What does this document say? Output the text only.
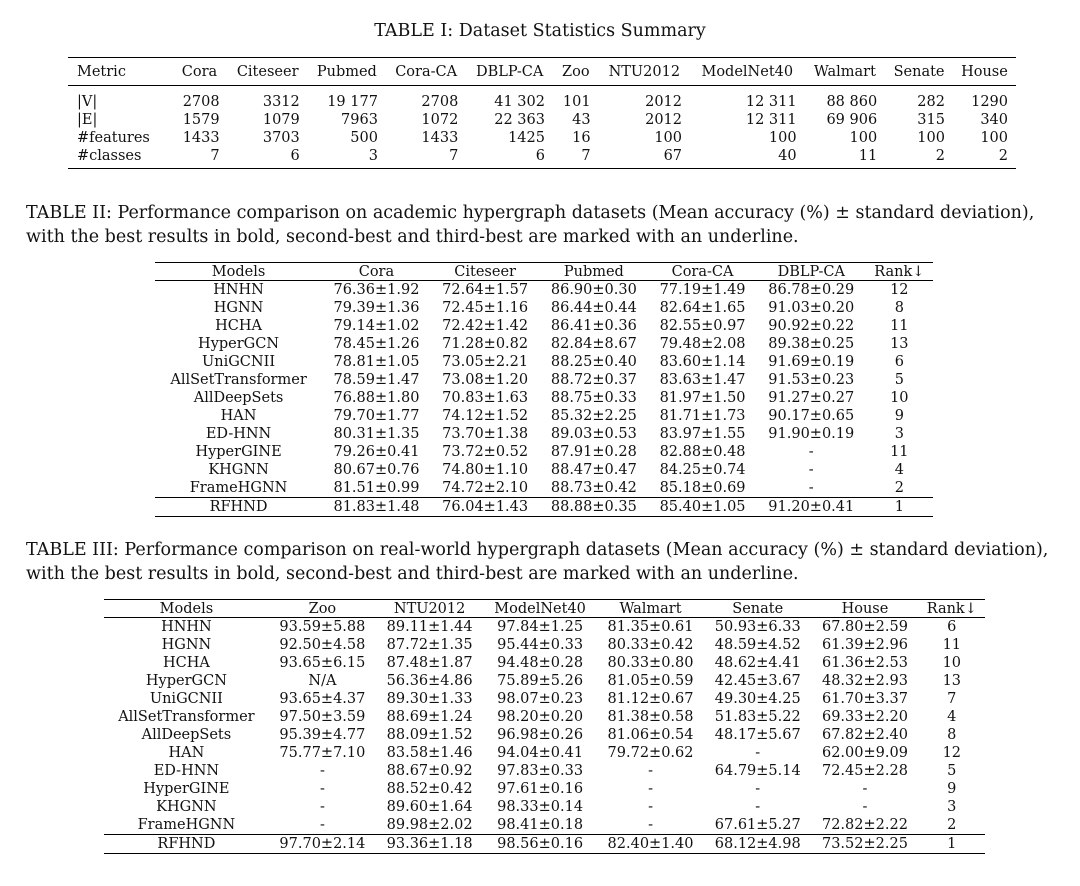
TABLE I: Dataset Statistics Summary
Metric	Cora	Citeseer	Pubmed	Cora-CA	DBLP-CA	Zoo	NTU2012	ModelNet40	Walmart	Senate	House
|V|	2708	3312	19 177	2708	41 302	101	2012	12 311	88 860	282	1290
|E|	1579	1079	7963	1072	22 363	43	2012	12 311	69 906	315	340
#features	1433	3703	500	1433	1425	16	100	100	100	100	100
#classes	7	6	3	7	6	7	67	40	11	2	2
TABLE II: Performance comparison on academic hypergraph datasets (Mean accuracy (%) ± standard deviation),
with the best results in bold, second-best and third-best are marked with an underline.
Models	Cora	Citeseer	Pubmed	Cora-CA	DBLP-CA	Rank↓
HNHN	76.36±1.92	72.64±1.57	86.90±0.30	77.19±1.49	86.78±0.29	12
HGNN	79.39±1.36	72.45±1.16	86.44±0.44	82.64±1.65	91.03±0.20	8
HCHA	79.14±1.02	72.42±1.42	86.41±0.36	82.55±0.97	90.92±0.22	11
HyperGCN	78.45±1.26	71.28±0.82	82.84±8.67	79.48±2.08	89.38±0.25	13
UniGCNII	78.81±1.05	73.05±2.21	88.25±0.40	83.60±1.14	91.69±0.19	6
AllSetTransformer	78.59±1.47	73.08±1.20	88.72±0.37	83.63±1.47	91.53±0.23	5
AllDeepSets	76.88±1.80	70.83±1.63	88.75±0.33	81.97±1.50	91.27±0.27	10
HAN	79.70±1.77	74.12±1.52	85.32±2.25	81.71±1.73	90.17±0.65	9
ED-HNN	80.31±1.35	73.70±1.38	89.03±0.53	83.97±1.55	91.90±0.19	3
HyperGINE	79.26±0.41	73.72±0.52	87.91±0.28	82.88±0.48	-	11
KHGNN	80.67±0.76	74.80±1.10	88.47±0.47	84.25±0.74	-	4
FrameHGNN	81.51±0.99	74.72±2.10	88.73±0.42	85.18±0.69	-	2
RFHND	81.83±1.48	76.04±1.43	88.88±0.35	85.40±1.05	91.20±0.41	1
TABLE III: Performance comparison on real-world hypergraph datasets (Mean accuracy (%) ± standard deviation),
with the best results in bold, second-best and third-best are marked with an underline.
Models	Zoo	NTU2012	ModelNet40	Walmart	Senate	House	Rank↓
HNHN	93.59±5.88	89.11±1.44	97.84±1.25	81.35±0.61	50.93±6.33	67.80±2.59	6
HGNN	92.50±4.58	87.72±1.35	95.44±0.33	80.33±0.42	48.59±4.52	61.39±2.96	11
HCHA	93.65±6.15	87.48±1.87	94.48±0.28	80.33±0.80	48.62±4.41	61.36±2.53	10
HyperGCN	N/A	56.36±4.86	75.89±5.26	81.05±0.59	42.45±3.67	48.32±2.93	13
UniGCNII	93.65±4.37	89.30±1.33	98.07±0.23	81.12±0.67	49.30±4.25	61.70±3.37	7
AllSetTransformer	97.50±3.59	88.69±1.24	98.20±0.20	81.38±0.58	51.83±5.22	69.33±2.20	4
AllDeepSets	95.39±4.77	88.09±1.52	96.98±0.26	81.06±0.54	48.17±5.67	67.82±2.40	8
HAN	75.77±7.10	83.58±1.46	94.04±0.41	79.72±0.62	-	62.00±9.09	12
ED-HNN	-	88.67±0.92	97.83±0.33	-	64.79±5.14	72.45±2.28	5
HyperGINE	-	88.52±0.42	97.61±0.16	-	-	-	9
KHGNN	-	89.60±1.64	98.33±0.14	-	-	-	3
FrameHGNN	-	89.98±2.02	98.41±0.18	-	67.61±5.27	72.82±2.22	2
RFHND	97.70±2.14	93.36±1.18	98.56±0.16	82.40±1.40	68.12±4.98	73.52±2.25	1
